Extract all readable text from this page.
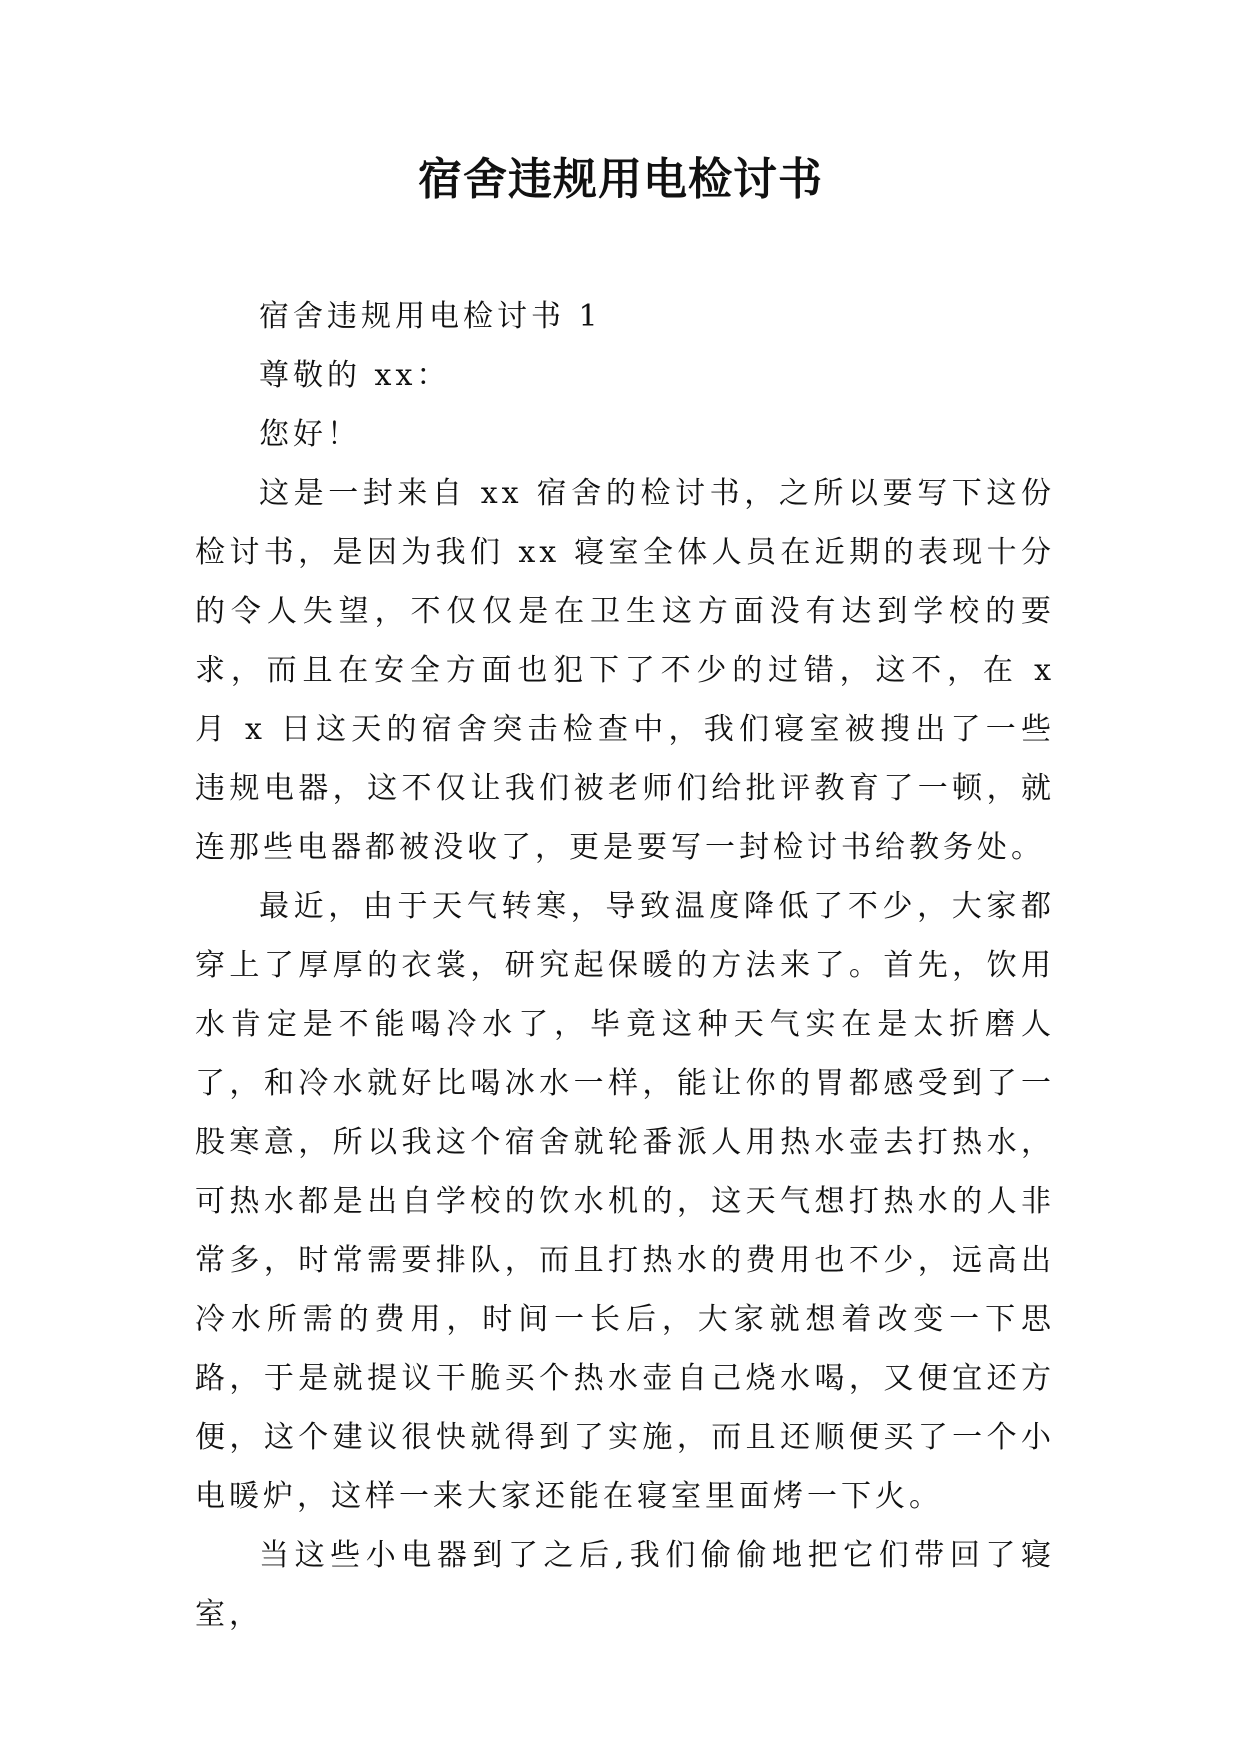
宿舍违规用电检讨书

宿舍违规用电检讨书 1

尊敬的 xx：

您好！

这是一封来自 xx 宿舍的检讨书，之所以要写下这份检讨书，是因为我们 xx 寝室全体人员在近期的表现十分的令人失望，不仅仅是在卫生这方面没有达到学校的要求，而且在安全方面也犯下了不少的过错，这不，在 x 月 x 日这天的宿舍突击检查中，我们寝室被搜出了一些违规电器，这不仅让我们被老师们给批评教育了一顿，就连那些电器都被没收了，更是要写一封检讨书给教务处。

最近，由于天气转寒，导致温度降低了不少，大家都穿上了厚厚的衣裳，研究起保暖的方法来了。首先，饮用水肯定是不能喝冷水了，毕竟这种天气实在是太折磨人了，和冷水就好比喝冰水一样，能让你的胃都感受到了一股寒意，所以我这个宿舍就轮番派人用热水壶去打热水，可热水都是出自学校的饮水机的，这天气想打热水的人非常多，时常需要排队，而且打热水的费用也不少，远高出冷水所需的费用，时间一长后，大家就想着改变一下思路，于是就提议干脆买个热水壶自己烧水喝，又便宜还方便，这个建议很快就得到了实施，而且还顺便买了一个小电暖炉，这样一来大家还能在寝室里面烤一下火。

当这些小电器到了之后,我们偷偷地把它们带回了寝室，
